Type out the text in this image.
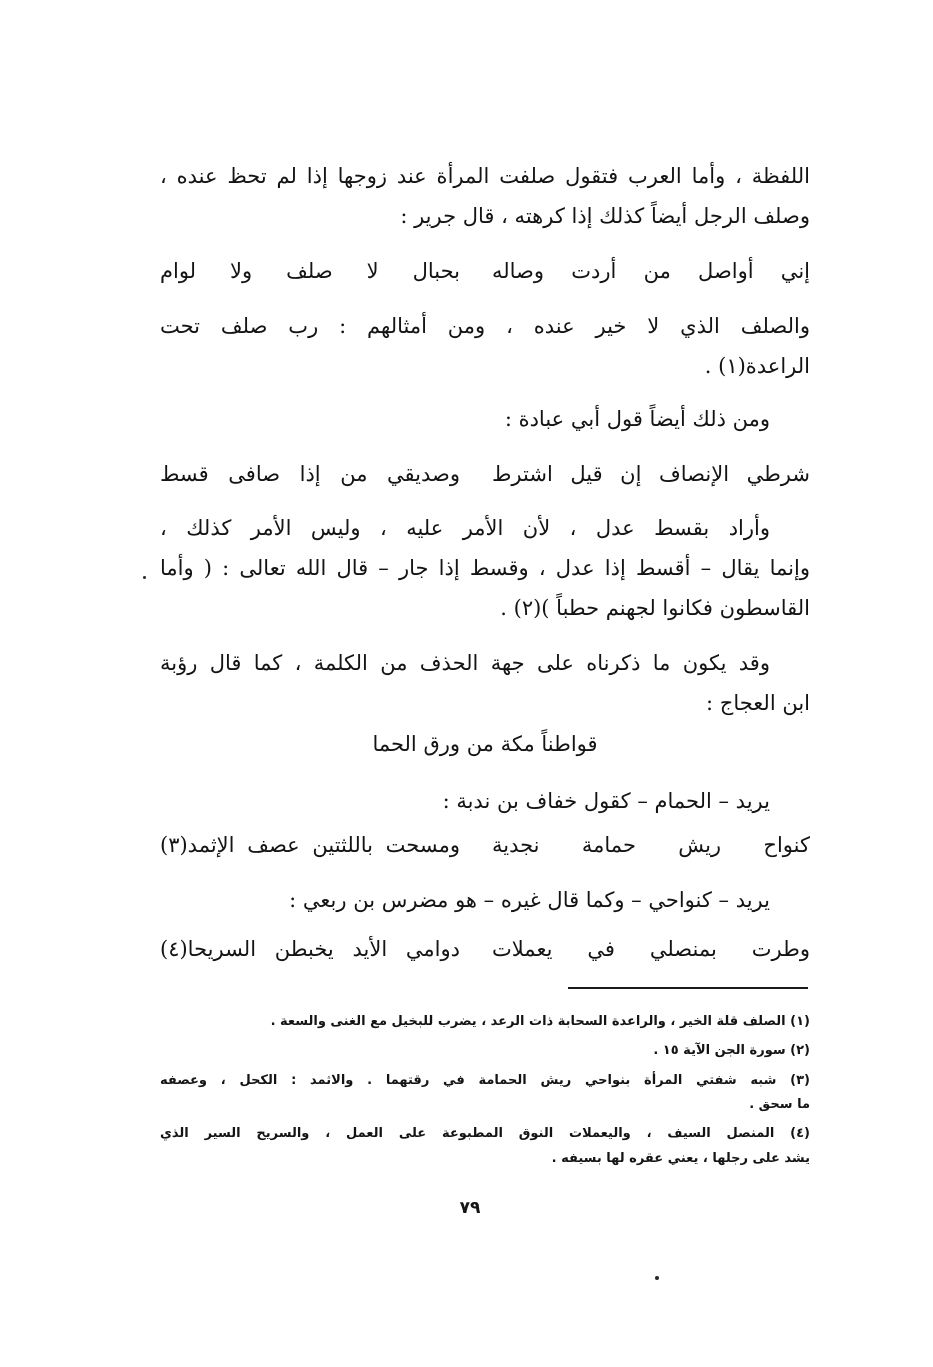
اللفظة ، وأما العرب فتقول صلفت المرأة عند زوجها إذا لم تحظ عنده ،
وصلف الرجل أيضاً كذلك إذا كرهته ، قال جرير :
إني أواصل من أردت وصاله
بحبال لا صلف ولا لوام
والصلف الذي لا خير عنده ، ومن أمثالهم : رب صلف تحت
الراعدة(١) .
ومن ذلك أيضاً قول أبي عبادة :
شرطي الإنصاف إن قيل اشترط
وصديقي من إذا صافى قسط
وأراد بقسط عدل ، لأن الأمر عليه ، وليس الأمر كذلك ،
وإنما يقال – أقسط إذا عدل ، وقسط إذا جار – قال الله تعالى : ( وأما
القاسطون فكانوا لجهنم حطباً )(٢) .
وقد يكون ما ذكرناه على جهة الحذف من الكلمة ، كما قال رؤبة
ابن العجاج :
قواطناً مكة من ورق الحما
يريد – الحمام – كقول خفاف بن ندبة :
كنواح ريش حمامة نجدية
ومسحت باللثتين عصف الإثمد(٣)
يريد – كنواحي – وكما قال غيره – هو مضرس بن ربعي :
وطرت بمنصلي في يعملات
دوامي الأيد يخبطن السريحا(٤)
(١) الصلف قلة الخير ، والراعدة السحابة ذات الرعد ، يضرب للبخيل مع الغنى والسعة .
(٢) سورة الجن الآية ١٥ .
(٣) شبه شفتي المرأة بنواحي ريش الحمامة في رقتهما . والاثمد : الكحل ، وعصفه
ما سحق .
(٤) المنصل السيف ، واليعملات النوق المطبوعة على العمل ، والسريح السير الذي
يشد على رجلها ، يعني عقره لها بسيفه .
٧٩
